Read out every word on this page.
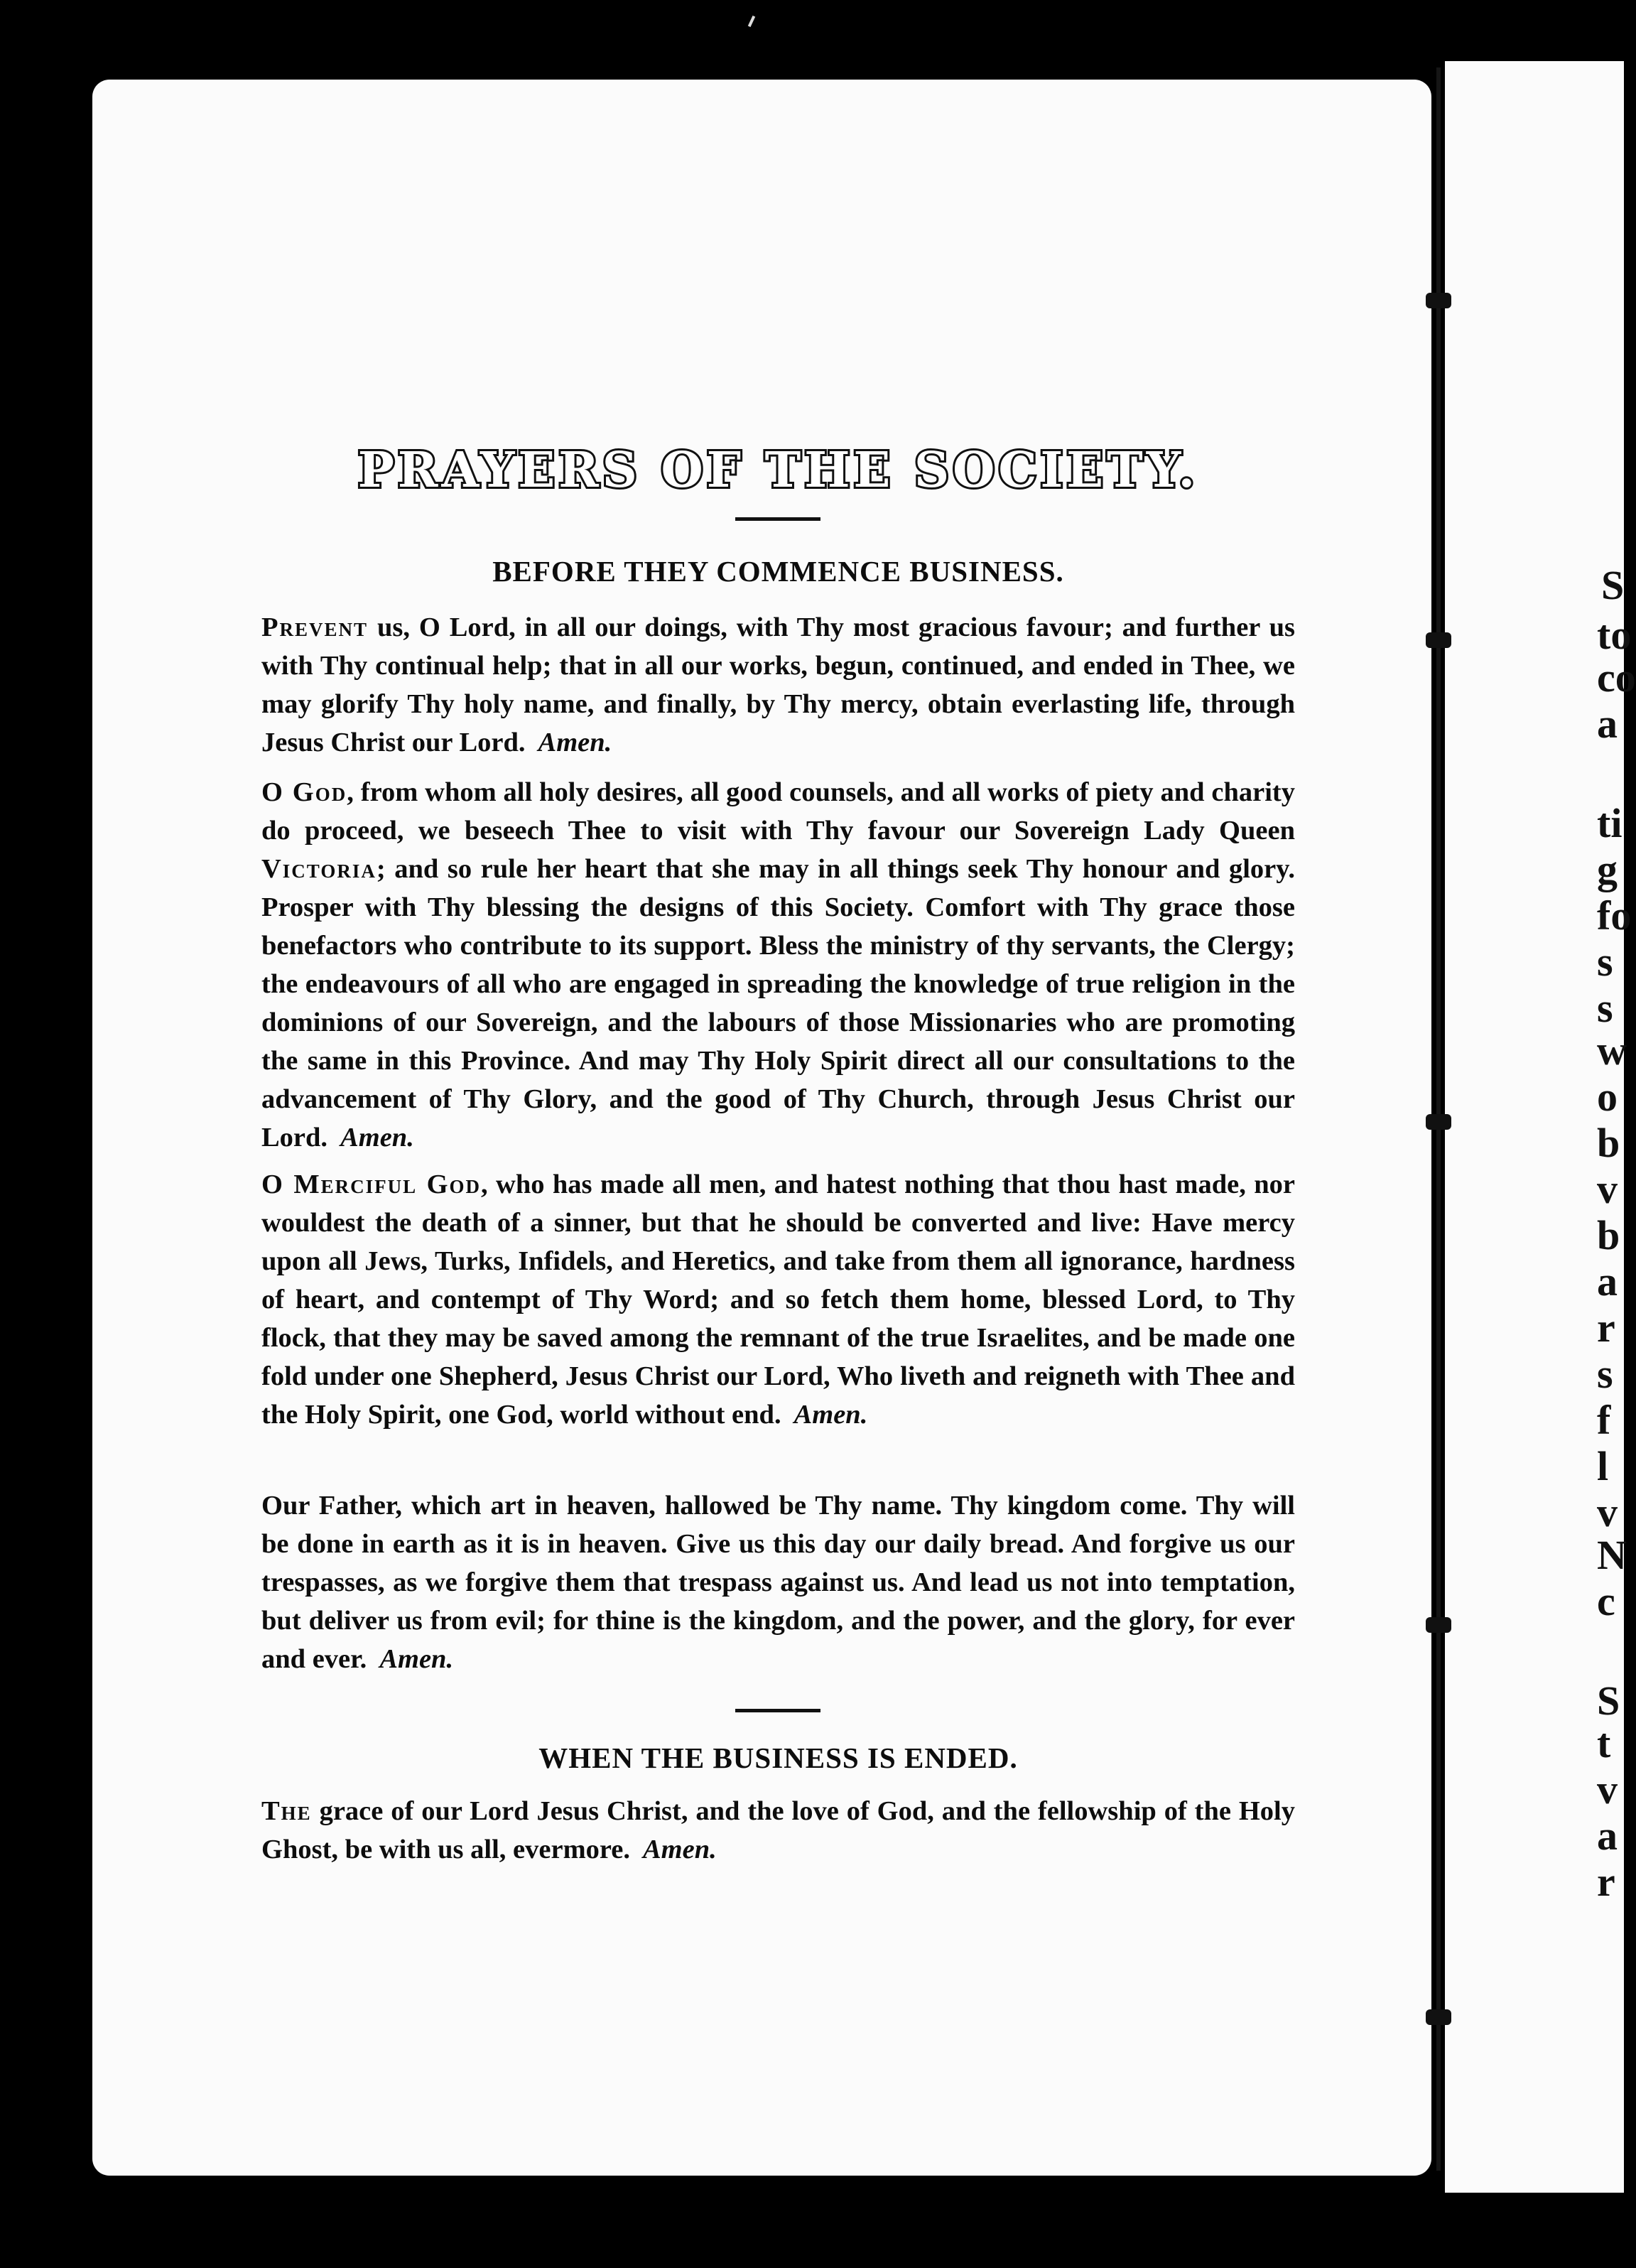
S
to
co
a
ti
g
fo
s
s
w
o
b
v
b
a
r
s
f
l
v
N
c
S
t
v
a
r
PRAYERS OF THE SOCIETY.
BEFORE THEY COMMENCE BUSINESS.
Prevent us, O Lord, in all our doings, with Thy most gracious favour; and further us with Thy continual help; that in all our works, begun, continued, and ended in Thee, we may glorify Thy holy name, and finally, by Thy mercy, obtain everlasting life, through Jesus Christ our Lord. Amen.
O God, from whom all holy desires, all good counsels, and all works of piety and charity do proceed, we beseech Thee to visit with Thy favour our Sovereign Lady Queen Victoria; and so rule her heart that she may in all things seek Thy honour and glory. Prosper with Thy blessing the designs of this Society. Comfort with Thy grace those benefactors who contribute to its support. Bless the ministry of thy servants, the Clergy; the endeavours of all who are engaged in spreading the knowledge of true religion in the dominions of our Sovereign, and the labours of those Missionaries who are promoting the same in this Province. And may Thy Holy Spirit direct all our consultations to the advancement of Thy Glory, and the good of Thy Church, through Jesus Christ our Lord. Amen.
O Merciful God, who has made all men, and hatest nothing that thou hast made, nor wouldest the death of a sinner, but that he should be converted and live: Have mercy upon all Jews, Turks, Infidels, and Heretics, and take from them all ignorance, hardness of heart, and contempt of Thy Word; and so fetch them home, blessed Lord, to Thy flock, that they may be saved among the remnant of the true Israelites, and be made one fold under one Shepherd, Jesus Christ our Lord, Who liveth and reigneth with Thee and the Holy Spirit, one God, world without end. Amen.
Our Father, which art in heaven, hallowed be Thy name. Thy kingdom come. Thy will be done in earth as it is in heaven. Give us this day our daily bread. And forgive us our trespasses, as we forgive them that trespass against us. And lead us not into temptation, but deliver us from evil; for thine is the kingdom, and the power, and the glory, for ever and ever. Amen.
WHEN THE BUSINESS IS ENDED.
The grace of our Lord Jesus Christ, and the love of God, and the fellowship of the Holy Ghost, be with us all, evermore. Amen.
